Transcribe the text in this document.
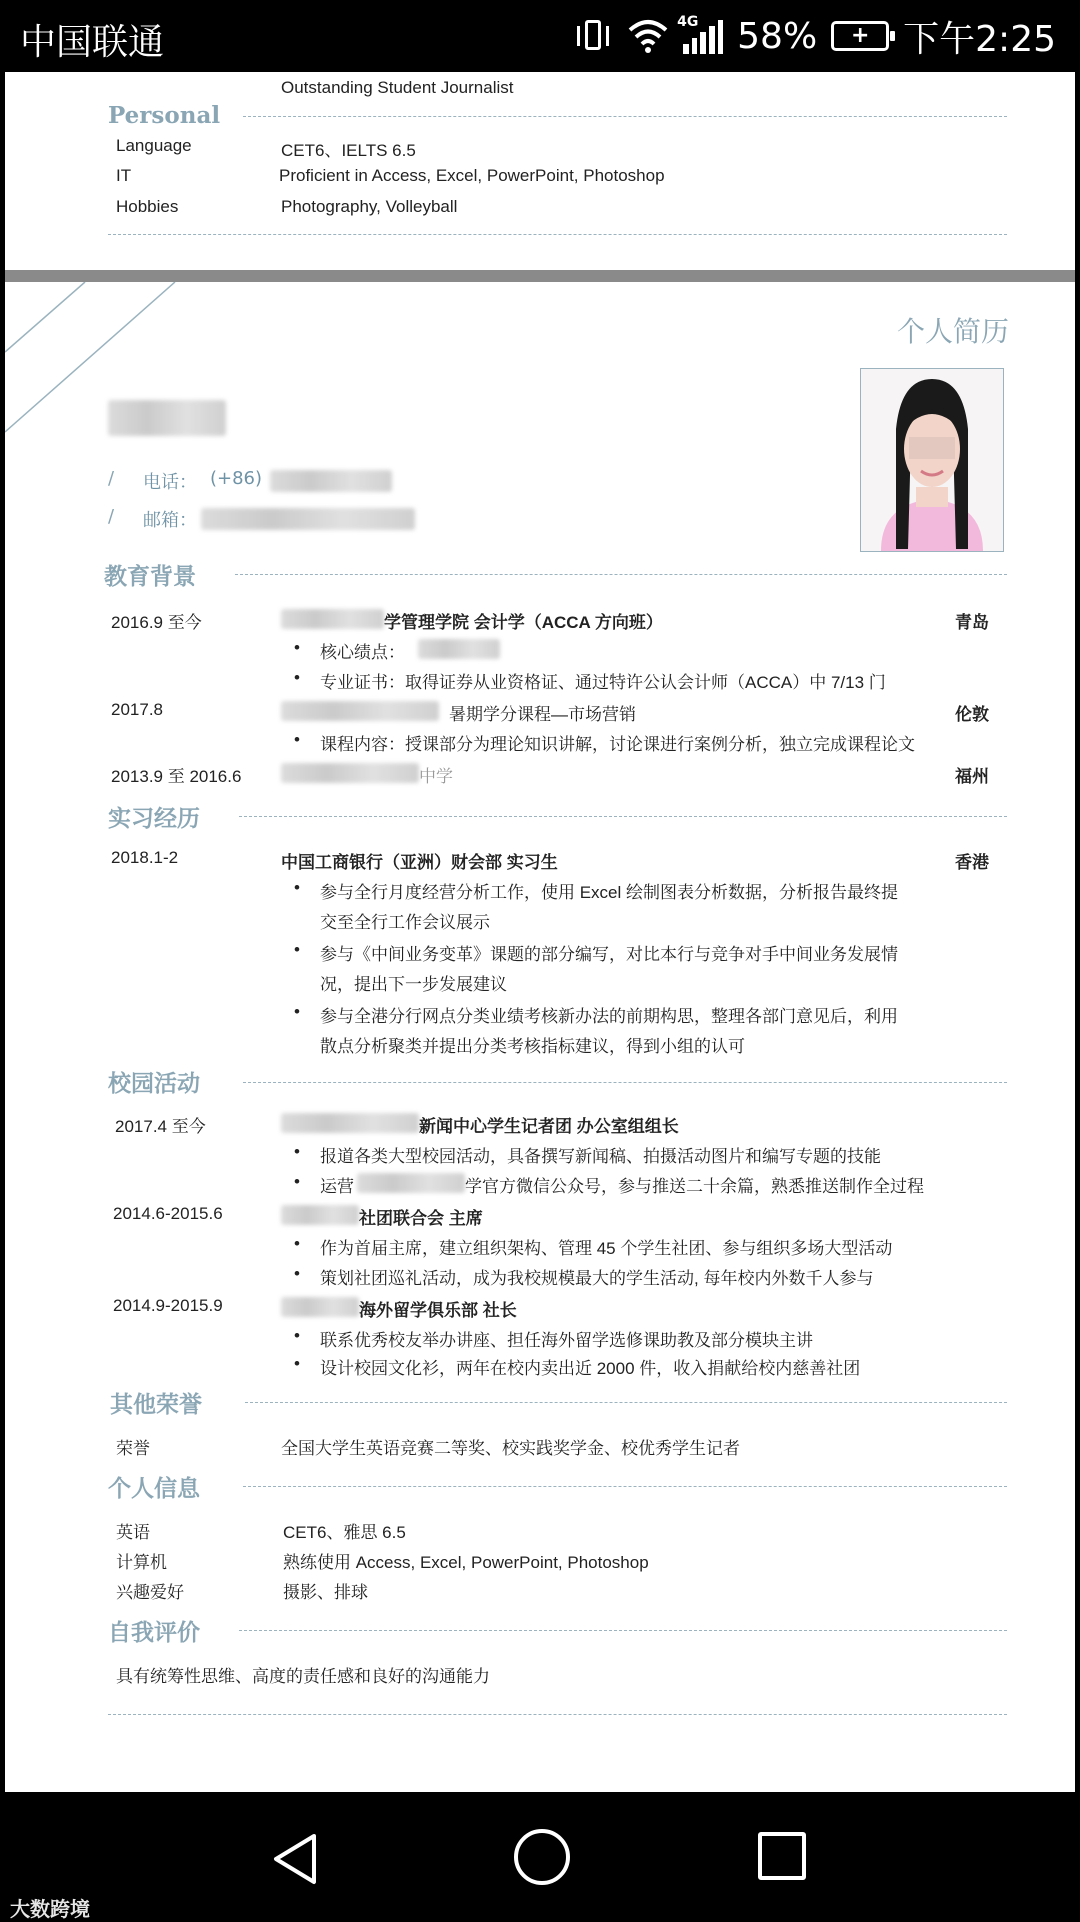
中国联通	4G 58% + 下午2:25
Outstanding Student Journalist
Personal
Language	CET6、IELTS 6.5
IT	Proficient in Access, Excel, PowerPoint, Photoshop
Hobbies	Photography, Volleyball
个人简历
/ 电话： (+86)
/ 邮箱：
教育背景
2016.9 至今	学管理学院 会计学（ACCA 方向班）	青岛
• 核心绩点：
• 专业证书：取得证券从业资格证、通过特许公认会计师（ACCA）中 7/13 门
2017.8	暑期学分课程—市场营销	伦敦
• 课程内容：授课部分为理论知识讲解，讨论课进行案例分析，独立完成课程论文
2013.9 至 2016.6	中学	福州
实习经历
2018.1-2	中国工商银行（亚洲）财会部 实习生	香港
• 参与全行月度经营分析工作，使用 Excel 绘制图表分析数据，分析报告最终提
交至全行工作会议展示
• 参与《中间业务变革》课题的部分编写，对比本行与竞争对手中间业务发展情
况，提出下一步发展建议
• 参与全港分行网点分类业绩考核新办法的前期构思，整理各部门意见后，利用
散点分析聚类并提出分类考核指标建议，得到小组的认可
校园活动
2017.4 至今	新闻中心学生记者团 办公室组组长
• 报道各类大型校园活动，具备撰写新闻稿、拍摄活动图片和编写专题的技能
• 运营	学官方微信公众号，参与推送二十余篇，熟悉推送制作全过程
2014.6-2015.6	社团联合会 主席
• 作为首届主席，建立组织架构、管理 45 个学生社团、参与组织多场大型活动
• 策划社团巡礼活动，成为我校规模最大的学生活动, 每年校内外数千人参与
2014.9-2015.9	海外留学俱乐部 社长
• 联系优秀校友举办讲座、担任海外留学选修课助教及部分模块主讲
• 设计校园文化衫，两年在校内卖出近 2000 件，收入捐献给校内慈善社团
其他荣誉
荣誉	全国大学生英语竞赛二等奖、校实践奖学金、校优秀学生记者
个人信息
英语	CET6、雅思 6.5
计算机	熟练使用 Access, Excel, PowerPoint, Photoshop
兴趣爱好	摄影、排球
自我评价
具有统筹性思维、高度的责任感和良好的沟通能力
大数跨境
